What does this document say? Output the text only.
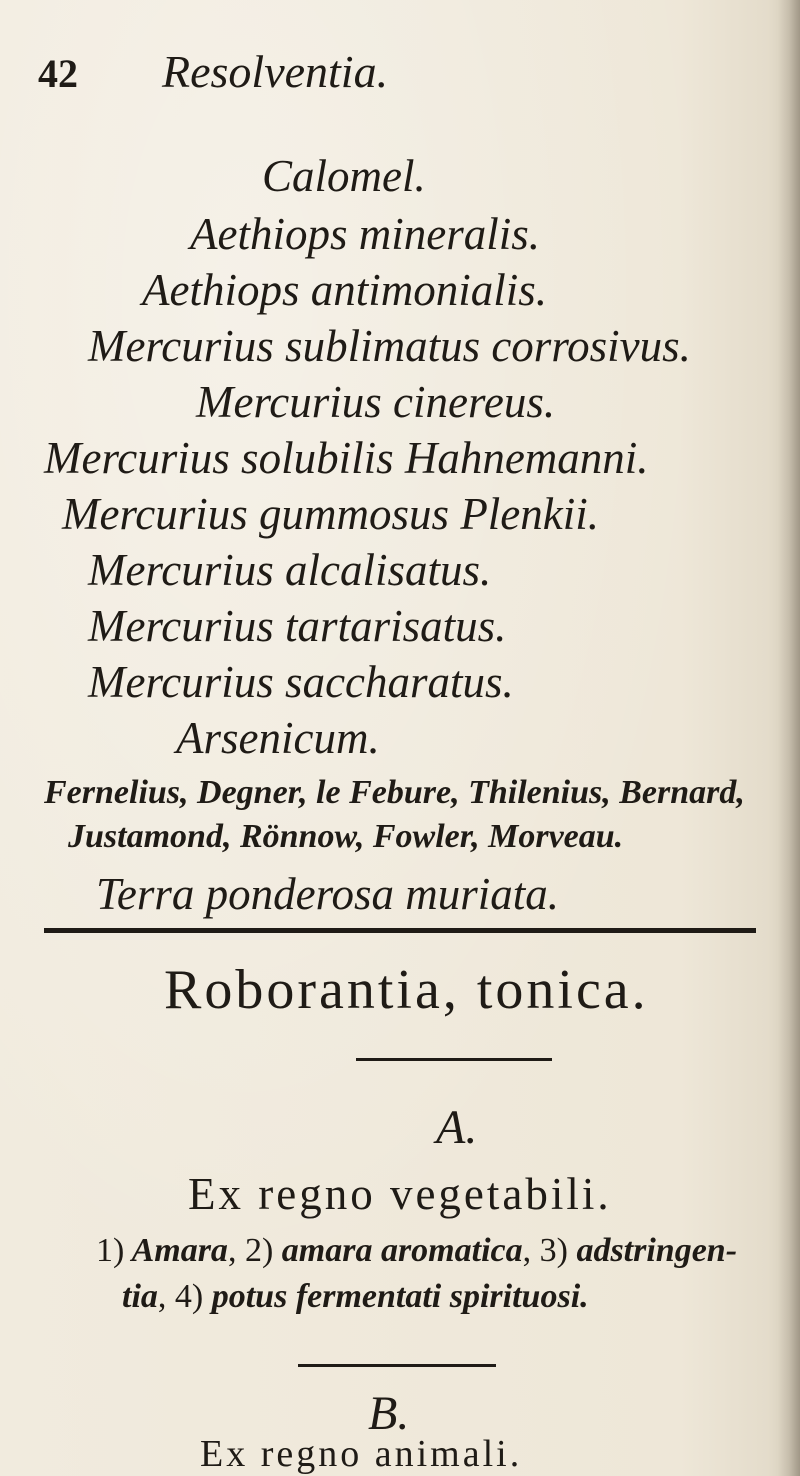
42 Resolventia.
Calomel.
Aethiops mineralis.
Aethiops antimonialis.
Mercurius sublimatus corrosivus.
Mercurius cinereus.
Mercurius solubilis Hahnemanni.
Mercurius gummosus Plenkii.
Mercurius alcalisatus.
Mercurius tartarisatus.
Mercurius saccharatus.
Arsenicum.
Fernelius, Degner, le Febure, Thilenius, Bernard,
Justamond, Rönnow, Fowler, Morveau.
Terra ponderosa muriata.
Roborantia, tonica.
A.
Ex regno vegetabili.
1) Amara, 2) amara aromatica, 3) adstringen-
tia, 4) potus fermentati spirituosi.
B.
Ex regno animali.
